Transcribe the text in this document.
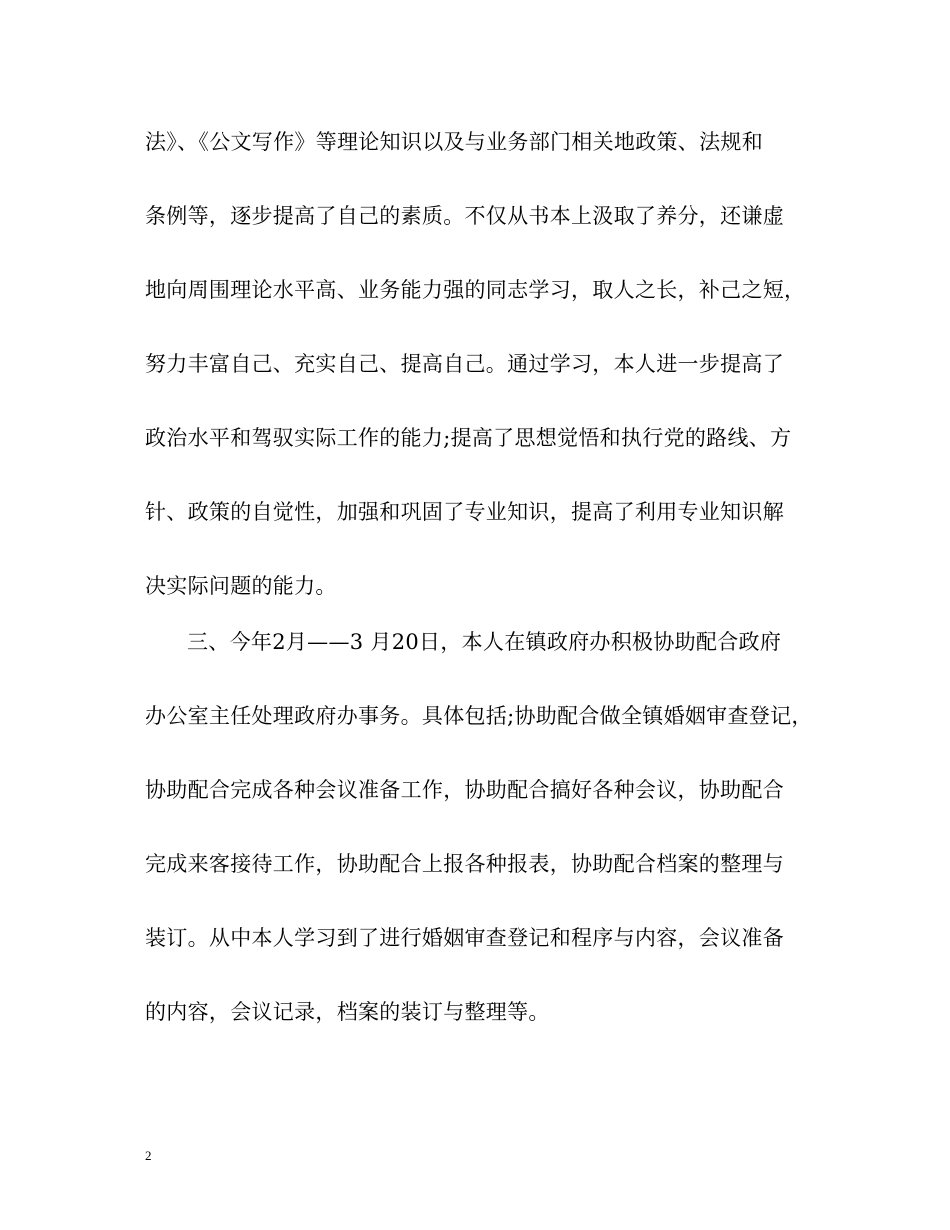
法》、《公文写作》等理论知识以及与业务部门相关地政策、法规和
条例等，逐步提高了自己的素质。不仅从书本上汲取了养分，还谦虚
地向周围理论水平高、业务能力强的同志学习，取人之长，补己之短，
努力丰富自己、充实自己、提高自己。通过学习，本人进一步提高了
政治水平和驾驭实际工作的能力;提高了思想觉悟和执行党的路线、方
针、政策的自觉性，加强和巩固了专业知识，提高了利用专业知识解
决实际问题的能力。
三、今年2月——3 月20日，本人在镇政府办积极协助配合政府
办公室主任处理政府办事务。具体包括;协助配合做全镇婚姻审查登记，
协助配合完成各种会议准备工作，协助配合搞好各种会议，协助配合
完成来客接待工作，协助配合上报各种报表，协助配合档案的整理与
装订。从中本人学习到了进行婚姻审查登记和程序与内容，会议准备
的内容，会议记录，档案的装订与整理等。
2
